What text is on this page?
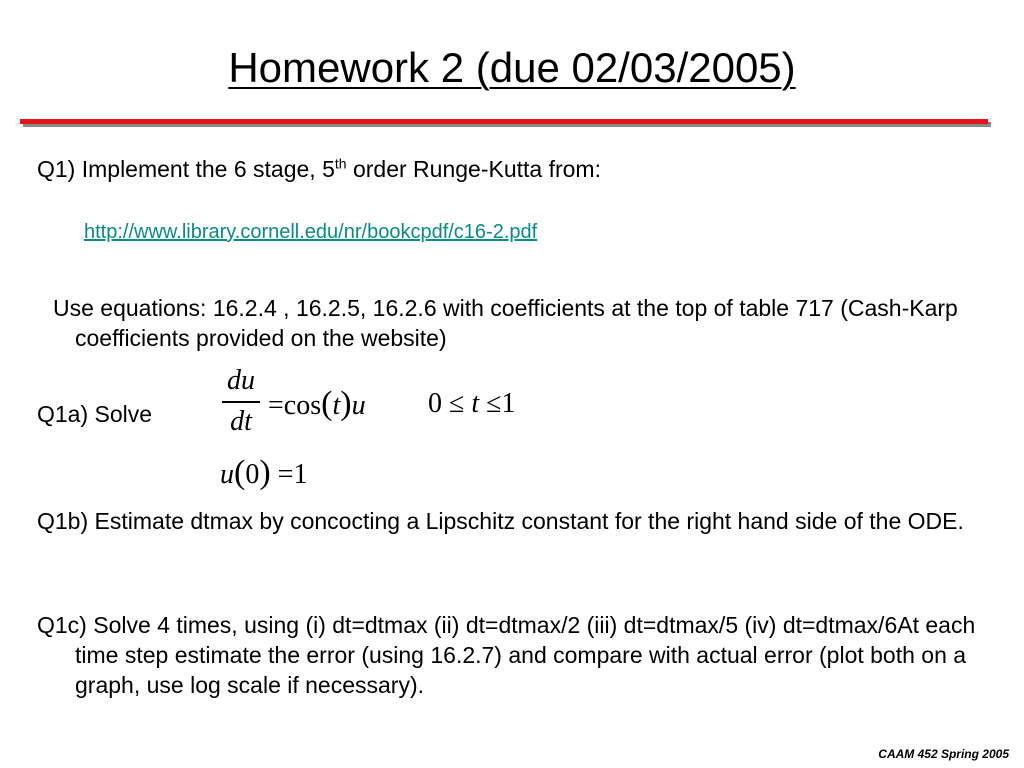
Homework 2 (due 02/03/2005)
Q1) Implement the 6 stage, 5th order Runge-Kutta from:
http://www.library.cornell.edu/nr/bookcpdf/c16-2.pdf
Use equations: 16.2.4 , 16.2.5, 16.2.6 with coefficients at the top of table 717 (Cash-Karp coefficients provided on the website)
Q1a) Solve
du
dt =cos(t)u 0 ≤ t ≤1
u(0) =1
Q1b) Estimate dtmax by concocting a Lipschitz constant for the right hand side of the ODE.
Q1c) Solve 4 times, using (i) dt=dtmax (ii) dt=dtmax/2 (iii) dt=dtmax/5 (iv) dt=dtmax/6At each time step estimate the error (using 16.2.7) and compare with actual error (plot both on a graph, use log scale if necessary).
CAAM 452 Spring 2005
